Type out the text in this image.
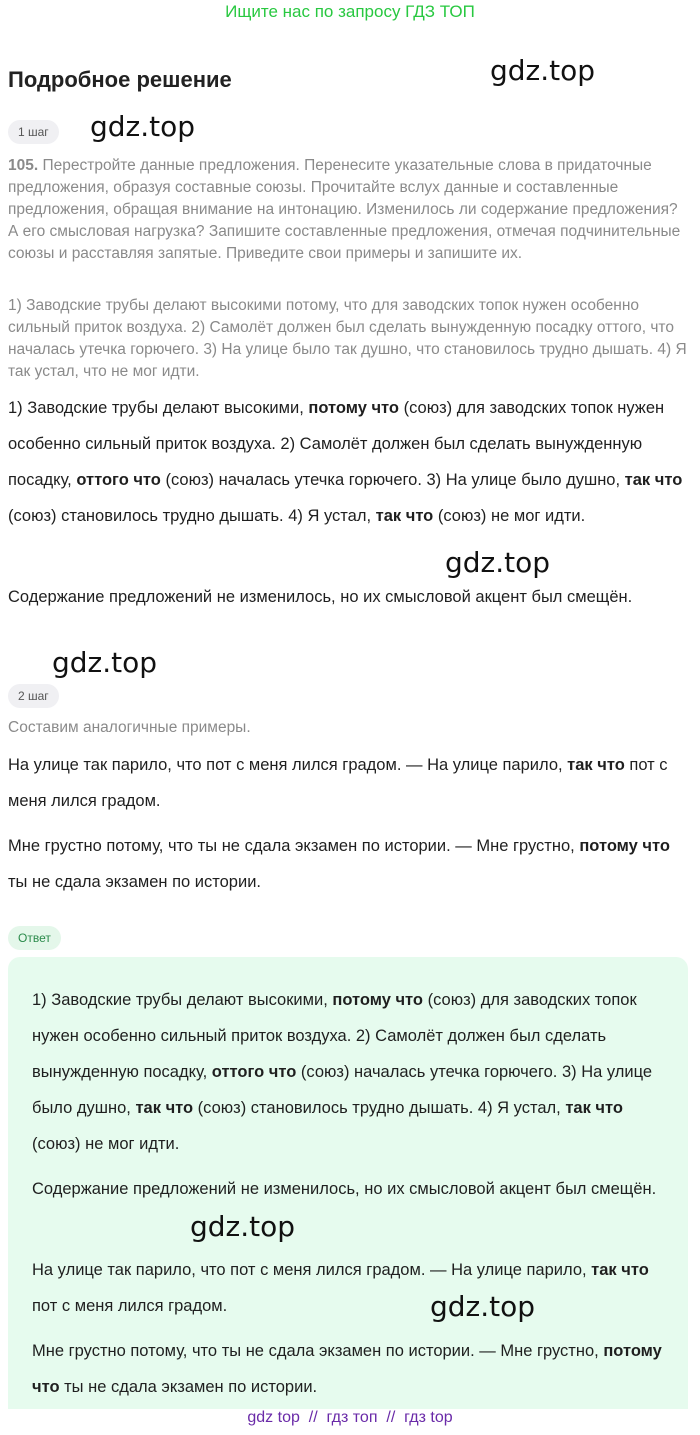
Ищите нас по запросу ГДЗ ТОП
Подробное решение	gdz.top
1 шаг	gdz.top
105. Перестройте данные предложения. Перенесите указательные слова в придаточные предложения, образуя составные союзы. Прочитайте вслух данные и составленные предложения, обращая внимание на интонацию. Изменилось ли содержание предложения? А его смысловая нагрузка? Запишите составленные предложения, отмечая подчинительные союзы и расставляя запятые. Приведите свои примеры и запишите их.
1) Заводские трубы делают высокими потому, что для заводских топок нужен особенно сильный приток воздуха. 2) Самолёт должен был сделать вынужденную посадку оттого, что началась утечка горючего. 3) На улице было так душно, что становилось трудно дышать. 4) Я так устал, что не мог идти.

1) Заводские трубы делают высокими, потому что (союз) для заводских топок нужен особенно сильный приток воздуха. 2) Самолёт должен был сделать вынужденную посадку, оттого что (союз) началась утечка горючего. 3) На улице было душно, так что (союз) становилось трудно дышать. 4) Я устал, так что (союз) не мог идти.

gdz.top

Содержание предложений не изменилось, но их смысловой акцент был смещён.

gdz.top
2 шаг
Составим аналогичные примеры.

На улице так парило, что пот с меня лился градом. — На улице парило, так что пот с меня лился градом.

Мне грустно потому, что ты не сдала экзамен по истории. — Мне грустно, потому что ты не сдала экзамен по истории.

Ответ

1) Заводские трубы делают высокими, потому что (союз) для заводских топок нужен особенно сильный приток воздуха. 2) Самолёт должен был сделать вынужденную посадку, оттого что (союз) началась утечка горючего. 3) На улице было душно, так что (союз) становилось трудно дышать. 4) Я устал, так что (союз) не мог идти.

Содержание предложений не изменилось, но их смысловой акцент был смещён.

gdz.top

На улице так парило, что пот с меня лился градом. — На улице парило, так что пот с меня лился градом.	gdz.top

Мне грустно потому, что ты не сдала экзамен по истории. — Мне грустно, потому что ты не сдала экзамен по истории.

gdz top  //  гдз топ  //  гдз top
